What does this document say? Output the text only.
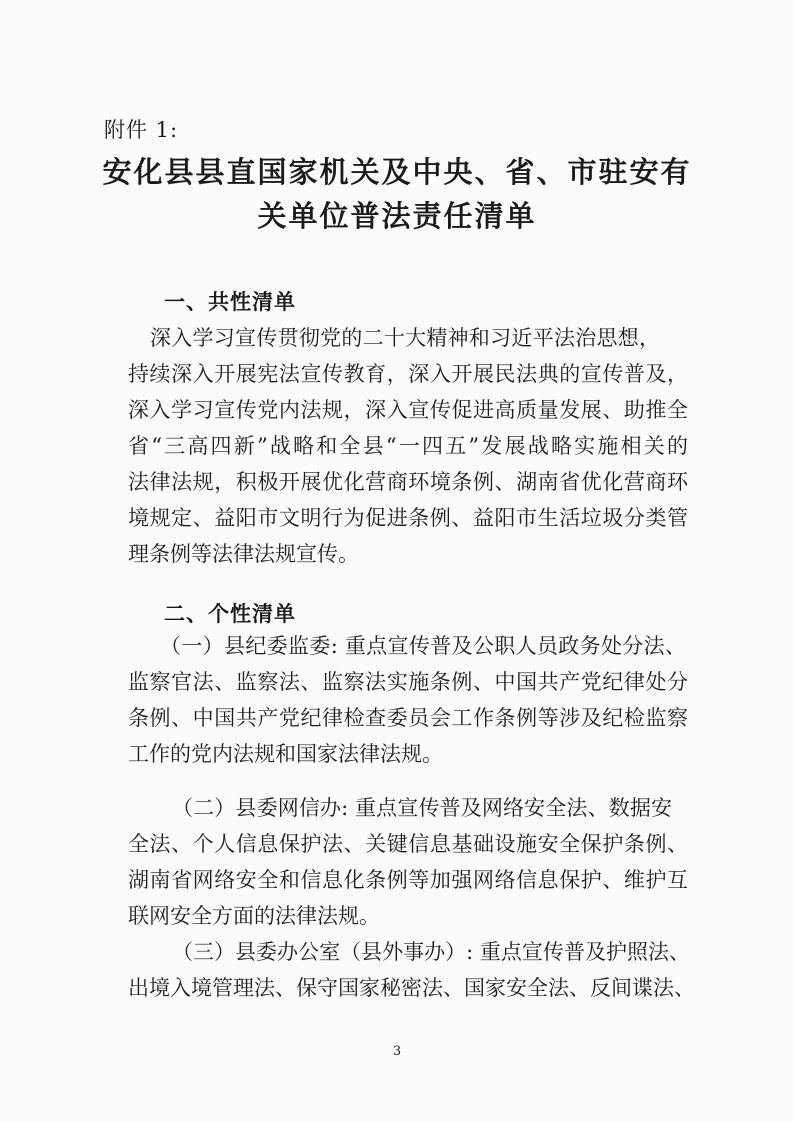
附件 1:
安化县县直国家机关及中央、省、市驻安有
关单位普法责任清单
一、共性清单
深入学习宣传贯彻党的二十大精神和习近平法治思想，
持续深入开展宪法宣传教育，深入开展民法典的宣传普及，
深入学习宣传党内法规，深入宣传促进高质量发展、助推全
省“三高四新”战略和全县“一四五”发展战略实施相关的
法律法规，积极开展优化营商环境条例、湖南省优化营商环
境规定、益阳市文明行为促进条例、益阳市生活垃圾分类管
理条例等法律法规宣传。
二、个性清单
（一）县纪委监委: 重点宣传普及公职人员政务处分法、
监察官法、监察法、监察法实施条例、中国共产党纪律处分
条例、中国共产党纪律检查委员会工作条例等涉及纪检监察
工作的党内法规和国家法律法规。
（二）县委网信办: 重点宣传普及网络安全法、数据安
全法、个人信息保护法、关键信息基础设施安全保护条例、
湖南省网络安全和信息化条例等加强网络信息保护、维护互
联网安全方面的法律法规。
（三）县委办公室（县外事办）: 重点宣传普及护照法、
出境入境管理法、保守国家秘密法、国家安全法、反间谍法、
3
